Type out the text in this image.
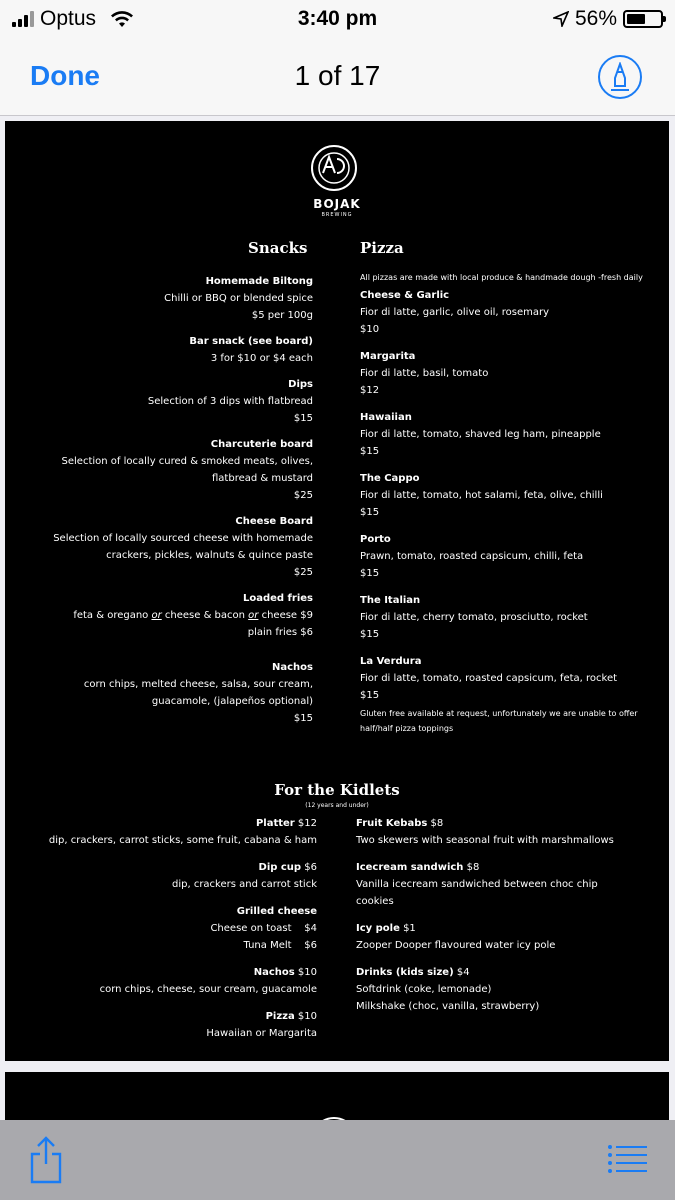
Optus	3:40 pm	56%
Done	1 of 17
BOJAK
BREWING
Snacks	Pizza
Homemade Biltong
Chilli or BBQ or blended spice
$5 per 100g
Bar snack (see board)
3 for $10 or $4 each
Dips
Selection of 3 dips with flatbread
$15
Charcuterie board
Selection of locally cured & smoked meats, olives,
flatbread & mustard
$25
Cheese Board
Selection of locally sourced cheese with homemade
crackers, pickles, walnuts & quince paste
$25
Loaded fries
feta & oregano or cheese & bacon or cheese $9
plain fries $6
Nachos
corn chips, melted cheese, salsa, sour cream,
guacamole, (jalapeños optional)
$15
All pizzas are made with local produce & handmade dough -fresh daily
Cheese & Garlic
Fior di latte, garlic, olive oil, rosemary
$10
Margarita
Fior di latte, basil, tomato
$12
Hawaiian
Fior di latte, tomato, shaved leg ham, pineapple
$15
The Cappo
Fior di latte, tomato, hot salami, feta, olive, chilli
$15
Porto
Prawn, tomato, roasted capsicum, chilli, feta
$15
The Italian
Fior di latte, cherry tomato, prosciutto, rocket
$15
La Verdura
Fior di latte, tomato, roasted capsicum, feta, rocket
$15
Gluten free available at request, unfortunately we are unable to offer half/half pizza toppings
For the Kidlets
(12 years and under)
Platter $12
dip, crackers, carrot sticks, some fruit, cabana & ham
Dip cup $6
dip, crackers and carrot stick
Grilled cheese
Cheese on toast    $4
Tuna Melt    $6
Nachos $10
corn chips, cheese, sour cream, guacamole
Pizza $10
Hawaiian or Margarita
Fruit Kebabs $8
Two skewers with seasonal fruit with marshmallows
Icecream sandwich $8
Vanilla icecream sandwiched between choc chip cookies
Icy pole $1
Zooper Dooper flavoured water icy pole
Drinks (kids size) $4
Softdrink (coke, lemonade)
Milkshake (choc, vanilla, strawberry)
